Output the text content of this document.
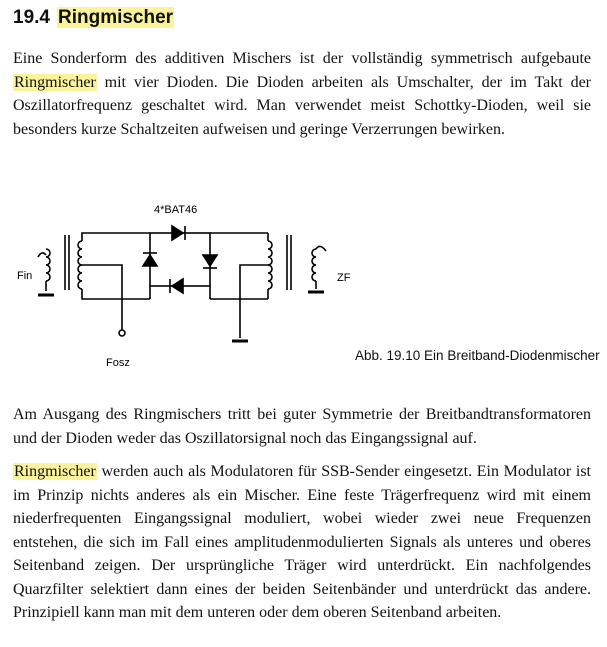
19.4 Ringmischer

Eine Sonderform des additiven Mischers ist der vollständig symmetrisch aufgebaute Ringmischer mit vier Dioden. Die Dioden arbeiten als Umschalter, der im Takt der Oszillatorfrequenz geschaltet wird. Man verwendet meist Schottky-Dioden, weil sie besonders kurze Schaltzeiten aufweisen und geringe Verzerrungen bewirken.

4*BAT46
Fin	ZF
Fosz	Abb. 19.10 Ein Breitband-Diodenmischer

Am Ausgang des Ringmischers tritt bei guter Symmetrie der Breitbandtransformatoren und der Dioden weder das Oszillatorsignal noch das Eingangssignal auf.

Ringmischer werden auch als Modulatoren für SSB-Sender eingesetzt. Ein Modulator ist im Prinzip nichts anderes als ein Mischer. Eine feste Trägerfrequenz wird mit einem niederfrequenten Eingangssignal moduliert, wobei wieder zwei neue Frequenzen entstehen, die sich im Fall eines amplitudenmodulierten Signals als unteres und oberes Seitenband zeigen. Der ursprüngliche Träger wird unterdrückt. Ein nachfolgendes Quarzfilter selektiert dann eines der beiden Seitenbänder und unterdrückt das andere. Prinzipiell kann man mit dem unteren oder dem oberen Seitenband arbeiten.
